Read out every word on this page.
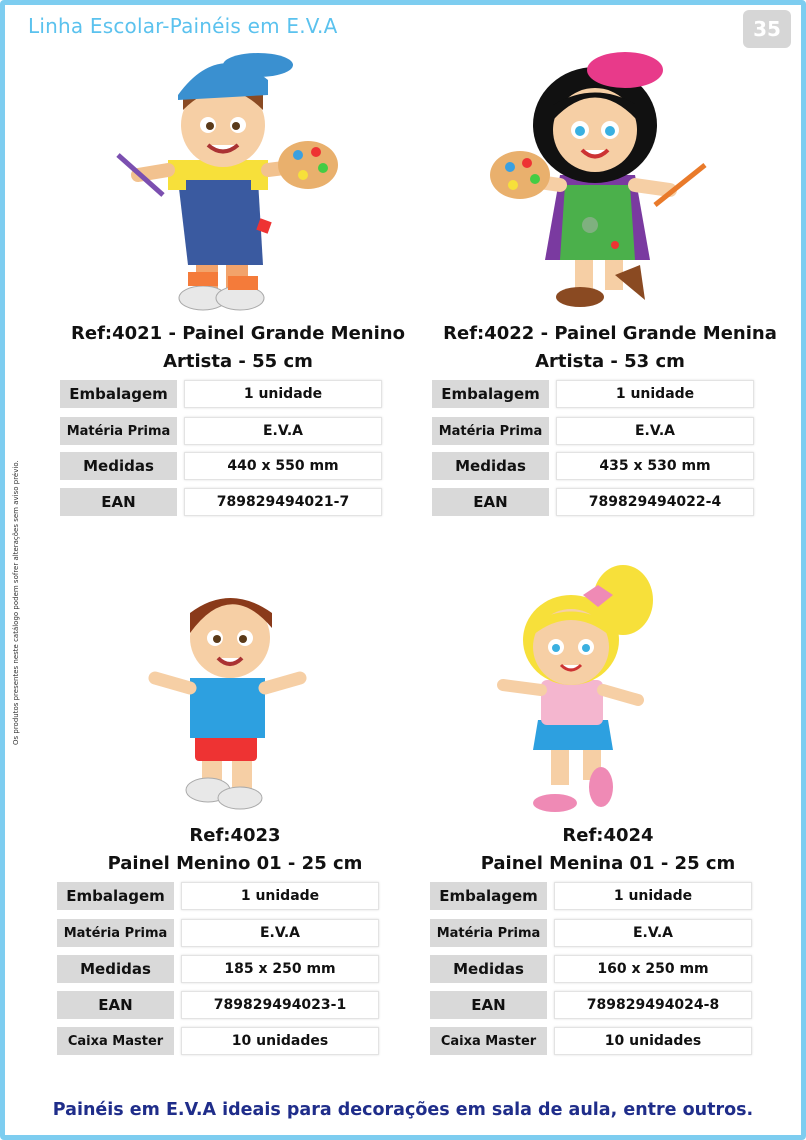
Linha Escolar-Painéis em E.V.A	35
Os produtos presentes neste catálogo podem sofrer alterações sem aviso prévio.
Ref:4021 - Painel Grande Menino
Artista - 55 cm
Embalagem	1 unidade
Matéria Prima	E.V.A
Medidas	440 x 550 mm
EAN	789829494021-7
Ref:4022 - Painel Grande Menina
Artista - 53 cm
Embalagem	1 unidade
Matéria Prima	E.V.A
Medidas	435 x 530 mm
EAN	789829494022-4
Ref:4023
Painel Menino 01 - 25 cm
Embalagem	1 unidade
Matéria Prima	E.V.A
Medidas	185 x 250 mm
EAN	789829494023-1
Caixa Master	10 unidades
Ref:4024
Painel Menina 01 - 25 cm
Embalagem	1 unidade
Matéria Prima	E.V.A
Medidas	160 x 250 mm
EAN	789829494024-8
Caixa Master	10 unidades
Painéis em E.V.A ideais para decorações em sala de aula, entre outros.
